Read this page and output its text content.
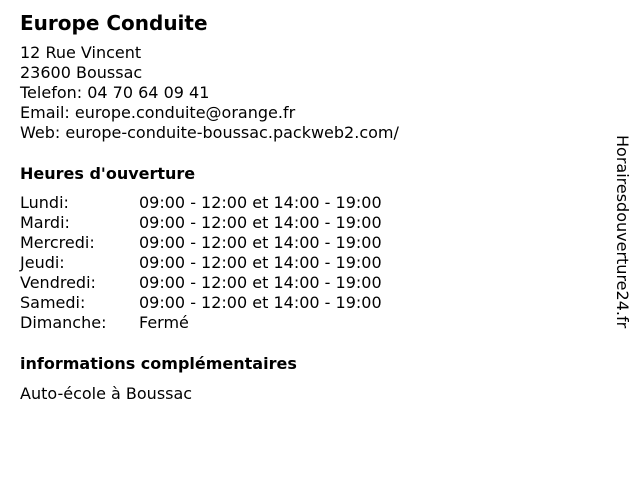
Europe Conduite
12 Rue Vincent
23600 Boussac
Telefon: 04 70 64 09 41
Email: europe.conduite@orange.fr
Web: europe-conduite-boussac.packweb2.com/
Heures d'ouverture
Lundi:	09:00 - 12:00 et 14:00 - 19:00
Mardi:	09:00 - 12:00 et 14:00 - 19:00
Mercredi:	09:00 - 12:00 et 14:00 - 19:00
Jeudi:	09:00 - 12:00 et 14:00 - 19:00
Vendredi:	09:00 - 12:00 et 14:00 - 19:00
Samedi:	09:00 - 12:00 et 14:00 - 19:00
Dimanche: Fermé
informations complémentaires
Auto-école à Boussac
Horairesdouverture24.fr
